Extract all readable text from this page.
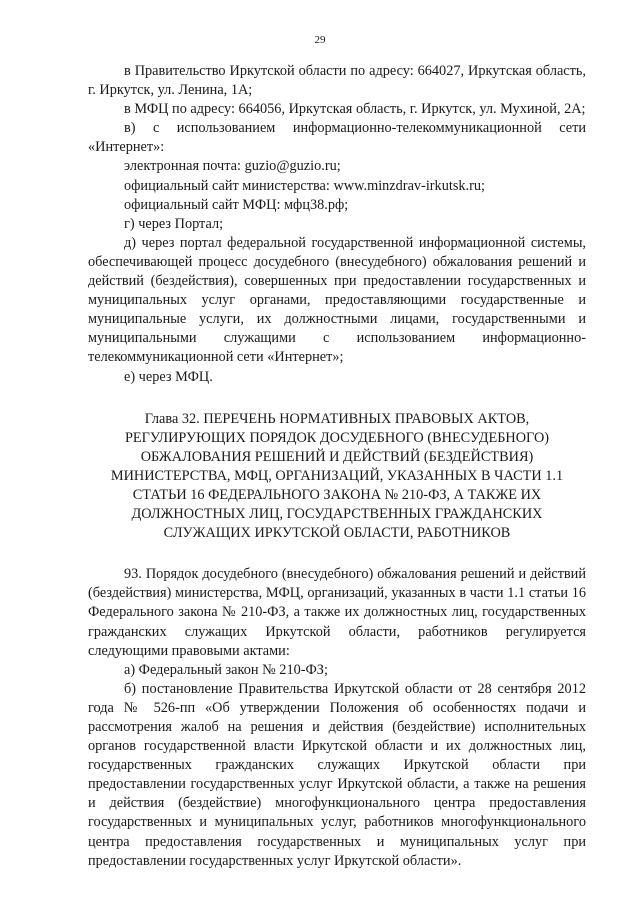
29

в Правительство Иркутской области по адресу: 664027, Иркутская область, г. Иркутск, ул. Ленина, 1А;

в МФЦ по адресу: 664056, Иркутская область, г. Иркутск, ул. Мухиной, 2А;

в) с использованием информационно-телекоммуникационной сети «Интернет»:

электронная почта: guzio@guzio.ru;

официальный сайт министерства: www.minzdrav-irkutsk.ru;

официальный сайт МФЦ: мфц38.рф;

г) через Портал;

д) через портал федеральной государственной информационной системы, обеспечивающей процесс досудебного (внесудебного) обжалования решений и действий (бездействия), совершенных при предоставлении государственных и муниципальных услуг органами, предоставляющими государственные и муниципальные услуги, их должностными лицами, государственными и муниципальными служащими с использованием информационно-телекоммуникационной сети «Интернет»;

е) через МФЦ.

Глава 32. ПЕРЕЧЕНЬ НОРМАТИВНЫХ ПРАВОВЫХ АКТОВ,
РЕГУЛИРУЮЩИХ ПОРЯДОК ДОСУДЕБНОГО (ВНЕСУДЕБНОГО)
ОБЖАЛОВАНИЯ РЕШЕНИЙ И ДЕЙСТВИЙ (БЕЗДЕЙСТВИЯ)
МИНИСТЕРСТВА, МФЦ, ОРГАНИЗАЦИЙ, УКАЗАННЫХ В ЧАСТИ 1.1
СТАТЬИ 16 ФЕДЕРАЛЬНОГО ЗАКОНА № 210-ФЗ, А ТАКЖЕ ИХ
ДОЛЖНОСТНЫХ ЛИЦ, ГОСУДАРСТВЕННЫХ ГРАЖДАНСКИХ
СЛУЖАЩИХ ИРКУТСКОЙ ОБЛАСТИ, РАБОТНИКОВ

93. Порядок досудебного (внесудебного) обжалования решений и действий (бездействия) министерства, МФЦ, организаций, указанных в части 1.1 статьи 16 Федерального закона № 210-ФЗ, а также их должностных лиц, государственных гражданских служащих Иркутской области, работников регулируется следующими правовыми актами:

а) Федеральный закон № 210-ФЗ;

б) постановление Правительства Иркутской области от 28 сентября 2012 года № 526-пп «Об утверждении Положения об особенностях подачи и рассмотрения жалоб на решения и действия (бездействие) исполнительных органов государственной власти Иркутской области и их должностных лиц, государственных гражданских служащих Иркутской области при предоставлении государственных услуг Иркутской области, а также на решения и действия (бездействие) многофункционального центра предоставления государственных и муниципальных услуг, работников многофункционального центра предоставления государственных и муниципальных услуг при предоставлении государственных услуг Иркутской области».
